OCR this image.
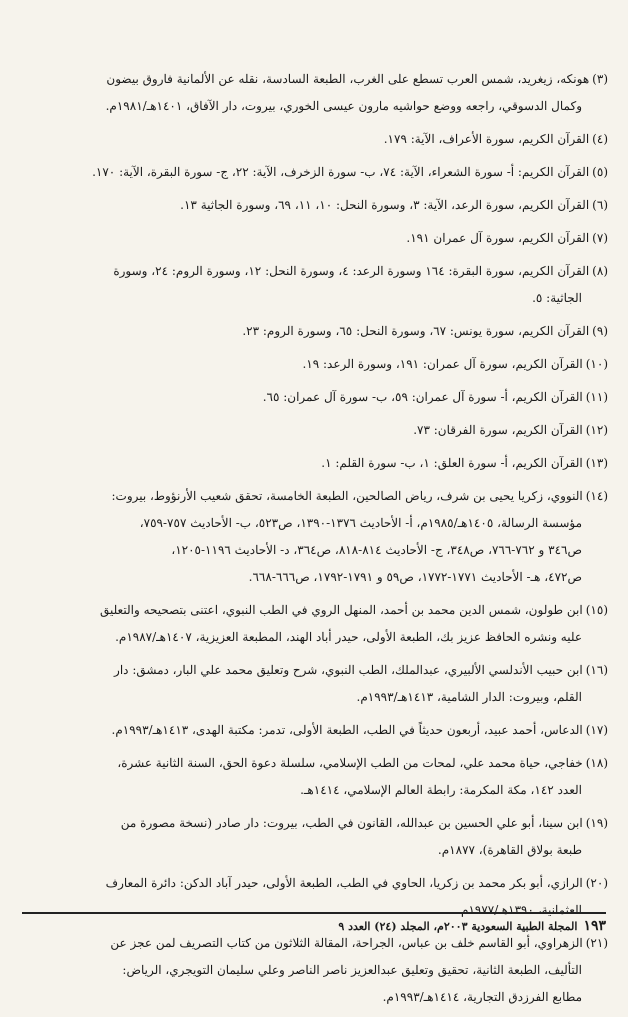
(٣)هونكه، زيغريد، شمس العرب تسطع على الغرب، الطبعة السادسة، نقله عن الألمانية فاروق بيضون
وكمال الدسوقي، راجعه ووضع حواشيه مارون عيسى الخوري، بيروت، دار الآفاق، ١٤٠١هـ/١٩٨١م.
(٤)القرآن الكريم، سورة الأعراف، الآية: ١٧٩.
(٥)القرآن الكريم: أ- سورة الشعراء، الآية: ٧٤، ب- سورة الزخرف، الآية: ٢٢، ج- سورة البقرة، الآية: ١٧٠.
(٦)القرآن الكريم، سورة الرعد، الآية: ٣، وسورة النحل: ١٠، ١١، ٦٩، وسورة الجاثية ١٣.
(٧)القرآن الكريم، سورة آل عمران ١٩١.
(٨)القرآن الكريم، سورة البقرة: ١٦٤ وسورة الرعد: ٤، وسورة النحل: ١٢، وسورة الروم: ٢٤، وسورة
الجاثية: ٥.
(٩)القرآن الكريم، سورة يونس: ٦٧، وسورة النحل: ٦٥، وسورة الروم: ٢٣.
(١٠)القرآن الكريم، سورة آل عمران: ١٩١، وسورة الرعد: ١٩.
(١١)القرآن الكريم، أ- سورة آل عمران: ٥٩، ب- سورة آل عمران: ٦٥.
(١٢)القرآن الكريم، سورة الفرقان: ٧٣.
(١٣)القرآن الكريم، أ- سورة العلق: ١، ب- سورة القلم: ١.
(١٤)النووي، زكريا يحيى بن شرف، رياض الصالحين، الطبعة الخامسة، تحقق شعيب الأرنؤوط، بيروت:
مؤسسة الرسالة، ١٤٠٥هـ/١٩٨٥م، أ- الأحاديث ١٣٧٦-١٣٩٠، ص٥٢٣، ب- الأحاديث ٧٥٧-٧٥٩،
ص٣٤٦ و ٧٦٢-٧٦٦، ص٣٤٨، ج- الأحاديث ٨١٤-٨١٨، ص٣٦٤، د- الأحاديث ١١٩٦-١٢٠٥،
ص٤٧٢، هـ- الأحاديث ١٧٧١-١٧٧٢، ص٥٩ و ١٧٩١-١٧٩٢، ص٦٦٦-٦٦٨.
(١٥)ابن طولون، شمس الدين محمد بن أحمد، المنهل الروي في الطب النبوي، اعتنى بتصحيحه والتعليق
عليه ونشره الحافظ عزيز بك، الطبعة الأولى، حيدر أباد الهند، المطبعة العزيزية، ١٤٠٧هـ/١٩٨٧م.
(١٦)ابن حبيب الأندلسي الألبيري، عبدالملك، الطب النبوي، شرح وتعليق محمد علي البار، دمشق: دار
القلم، وبيروت: الدار الشامية، ١٤١٣هـ/١٩٩٣م.
(١٧)الدعاس، أحمد عبيد، أربعون حديثاً في الطب، الطبعة الأولى، تدمر: مكتبة الهدى، ١٤١٣هـ/١٩٩٣م.
(١٨)خفاجي، حياة محمد علي، لمحات من الطب الإسلامي، سلسلة دعوة الحق، السنة الثانية عشرة،
العدد ١٤٢، مكة المكرمة: رابطة العالم الإسلامي، ١٤١٤هـ.
(١٩)ابن سينا، أبو علي الحسين بن عبدالله، القانون في الطب، بيروت: دار صادر (نسخة مصورة من
طبعة بولاق القاهرة)، ١٨٧٧م.
(٢٠)الرازي، أبو بكر محمد بن زكريا، الحاوي في الطب، الطبعة الأولى، حيدر آباد الدكن: دائرة المعارف
العثمانية، ١٣٩٠هـ/١٩٧٧م.
(٢١)الزهراوي، أبو القاسم خلف بن عباس، الجراحة، المقالة الثلاثون من كتاب التصريف لمن عجز عن
التأليف، الطبعة الثانية، تحقيق وتعليق عبدالعزيز ناصر الناصر وعلي سليمان التويجري، الرياض:
مطابع الفرزدق التجارية، ١٤١٤هـ/١٩٩٣م.
١٩٣
المجلة الطبية السعودية ٢٠٠٣م، المجلد (٢٤) العدد ٩
